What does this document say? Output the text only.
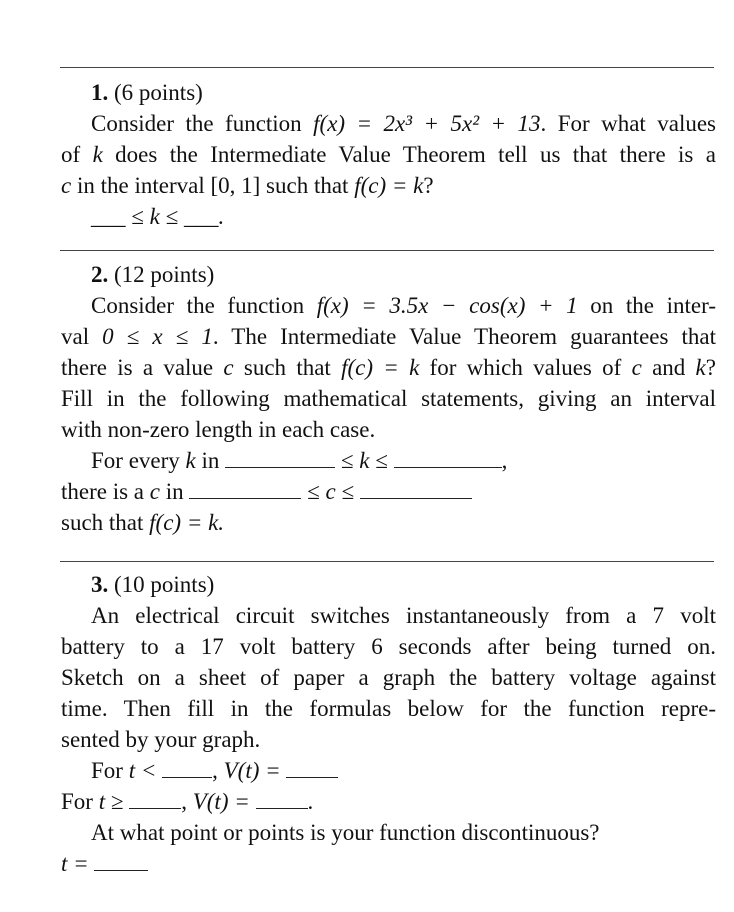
1. (6 points)
Consider the function f(x) = 2x³ + 5x² + 13. For what values
of k does the Intermediate Value Theorem tell us that there is a
c in the interval [0, 1] such that f(c) = k?
___ ≤ k ≤ ___.
2. (12 points)
Consider the function f(x) = 3.5x − cos(x) + 1 on the inter-
val 0 ≤ x ≤ 1. The Intermediate Value Theorem guarantees that
there is a value c such that f(c) = k for which values of c and k?
Fill in the following mathematical statements, giving an interval
with non-zero length in each case.
For every k in	≤ k ≤	,
there is a c in	≤ c ≤
such that f(c) = k.
3. (10 points)
An electrical circuit switches instantaneously from a 7 volt
battery to a 17 volt battery 6 seconds after being turned on.
Sketch on a sheet of paper a graph the battery voltage against
time. Then fill in the formulas below for the function repre-
sented by your graph.
For t < , V(t) =
For t ≥	, V(t) =	.
At what point or points is your function discontinuous?
t =
